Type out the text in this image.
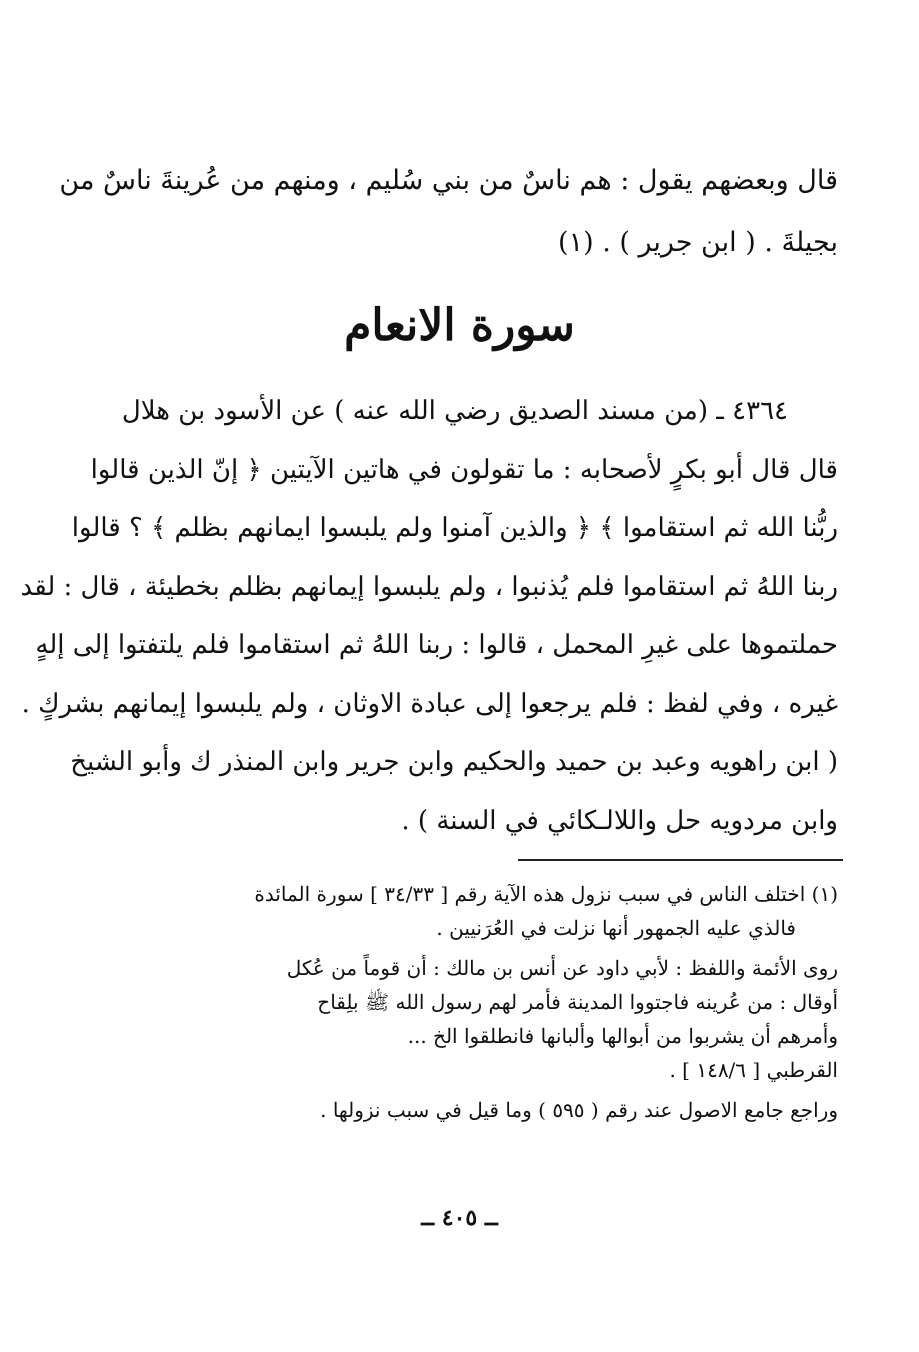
قال وبعضهم يقول : هم ناسٌ من بني سُليم ، ومنهم من عُرينةَ ناسٌ من
بجيلةَ . ( ابن جرير ) . (١)
سورة الانعام
٤٣٦٤ ـ (من مسند الصديق رضي الله عنه ) عن الأسود بن هلال
قال قال أبو بكرٍ لأصحابه : ما تقولون في هاتين الآيتين ﴿ إنّ الذين قالوا
ربُّنا الله ثم استقاموا ﴾ ﴿ والذين آمنوا ولم يلبسوا ايمانهم بظلم ﴾ ؟ قالوا
ربنا اللهُ ثم استقاموا فلم يُذنبوا ، ولم يلبسوا إيمانهم بظلم بخطيئة ، قال : لقد
حملتموها على غيرِ المحمل ، قالوا : ربنا اللهُ ثم استقاموا فلم يلتفتوا إلى إلهٍ
غيره ، وفي لفظ : فلم يرجعوا إلى عبادة الاوثان ، ولم يلبسوا إيمانهم بشركٍ .
( ابن راهويه وعبد بن حميد والحكيم وابن جرير وابن المنذر ك وأبو الشيخ
وابن مردويه حل واللالـكائي في السنة ) .
(١) اختلف الناس في سبب نزول هذه الآية رقم [ ٣٤/٣٣ ] سورة المائدة
فالذي عليه الجمهور أنها نزلت في العُرَنيين .
روى الأئمة واللفظ : لأبي داود عن أنس بن مالك : أن قوماً من عُكل
أوقال : من عُرينه فاجتووا المدينة فأمر لهم رسول الله ﷺ بلِقاح
وأمرهم أن يشربوا من أبوالها وألبانها فانطلقوا الخ ...
القرطبي [ ١٤٨/٦ ] .
وراجع جامع الاصول عند رقم ( ٥٩٥ ) وما قيل في سبب نزولها .
ــ ٤٠٥ ــ
